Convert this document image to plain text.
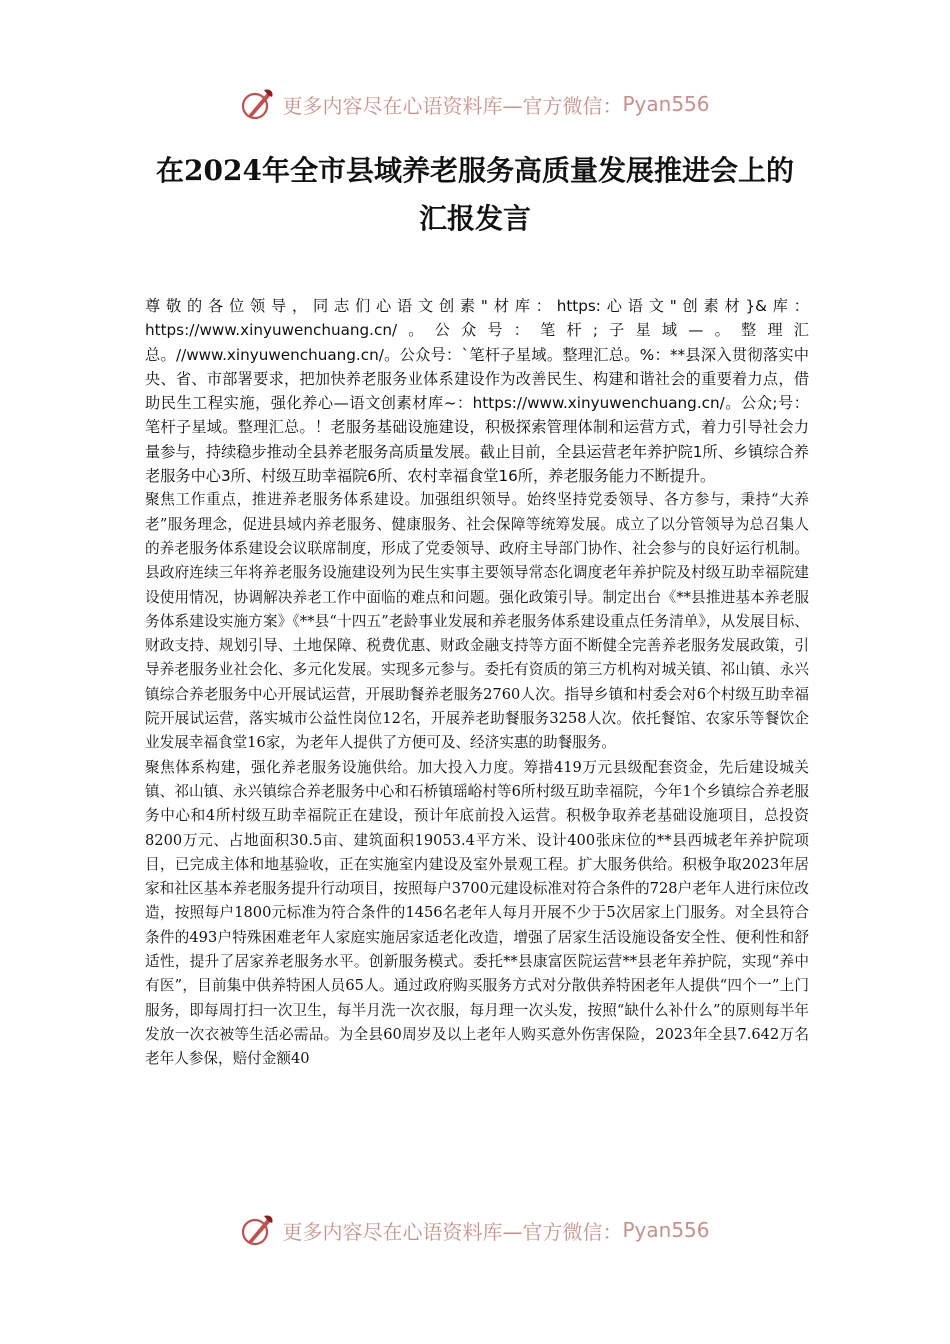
更多内容尽在心语资料库—官方微信： Pyan556
在2024年全市县域养老服务高质量发展推进会上的
汇报发言

尊敬的各位领导，同志们心语文创素"材库：https:心语文"创素材}&库：https://www.xinyuwenchuang.cn/。公众号：笔杆;子星域—。整理汇总。//www.xinyuwenchuang.cn/。公众号：`笔杆子星域。整理汇总。%：**县深入贯彻落实中央、省、市部署要求，把加快养老服务业体系建设作为改善民生、构建和谐社会的重要着力点，借助民生工程实施，强化养心—语文创素材库~：https://www.xinyuwenchuang.cn/。公众;号：笔杆子星域。整理汇总。！老服务基础设施建设，积极探索管理体制和运营方式，着力引导社会力量参与，持续稳步推动全县养老服务高质量发展。截止目前，全县运营老年养护院1所、乡镇综合养老服务中心3所、村级互助幸福院6所、农村幸福食堂16所，养老服务能力不断提升。

聚焦工作重点，推进养老服务体系建设。加强组织领导。始终坚持党委领导、各方参与，秉持“大养老”服务理念，促进县域内养老服务、健康服务、社会保障等统筹发展。成立了以分管领导为总召集人的养老服务体系建设会议联席制度，形成了党委领导、政府主导部门协作、社会参与的良好运行机制。县政府连续三年将养老服务设施建设列为民生实事主要领导常态化调度老年养护院及村级互助幸福院建设使用情况，协调解决养老工作中面临的难点和问题。强化政策引导。制定出台《**县推进基本养老服务体系建设实施方案》《**县“十四五”老龄事业发展和养老服务体系建设重点任务清单》，从发展目标、财政支持、规划引导、土地保障、税费优惠、财政金融支持等方面不断健全完善养老服务发展政策，引导养老服务业社会化、多元化发展。实现多元参与。委托有资质的第三方机构对城关镇、祁山镇、永兴镇综合养老服务中心开展试运营，开展助餐养老服务2760人次。指导乡镇和村委会对6个村级互助幸福院开展试运营，落实城市公益性岗位12名，开展养老助餐服务3258人次。依托餐馆、农家乐等餐饮企业发展幸福食堂16家，为老年人提供了方便可及、经济实惠的助餐服务。

聚焦体系构建，强化养老服务设施供给。加大投入力度。筹措419万元县级配套资金，先后建设城关镇、祁山镇、永兴镇综合养老服务中心和石桥镇瑶峪村等6所村级互助幸福院，今年1个乡镇综合养老服务中心和4所村级互助幸福院正在建设，预计年底前投入运营。积极争取养老基础设施项目，总投资8200万元、占地面积30.5亩、建筑面积19053.4平方米、设计400张床位的**县西城老年养护院项目，已完成主体和地基验收，正在实施室内建设及室外景观工程。扩大服务供给。积极争取2023年居家和社区基本养老服务提升行动项目，按照每户3700元建设标准对符合条件的728户老年人进行床位改造，按照每户1800元标准为符合条件的1456名老年人每月开展不少于5次居家上门服务。对全县符合条件的493户特殊困难老年人家庭实施居家适老化改造，增强了居家生活设施设备安全性、便利性和舒适性，提升了居家养老服务水平。创新服务模式。委托**县康富医院运营**县老年养护院，实现“养中有医”，目前集中供养特困人员65人。通过政府购买服务方式对分散供养特困老年人提供“四个一”上门服务，即每周打扫一次卫生，每半月洗一次衣服，每月理一次头发，按照“缺什么补什么”的原则每半年发放一次衣被等生活必需品。为全县60周岁及以上老年人购买意外伤害保险，2023年全县7.642万名老年人参保，赔付金额40

更多内容尽在心语资料库—官方微信： Pyan556
